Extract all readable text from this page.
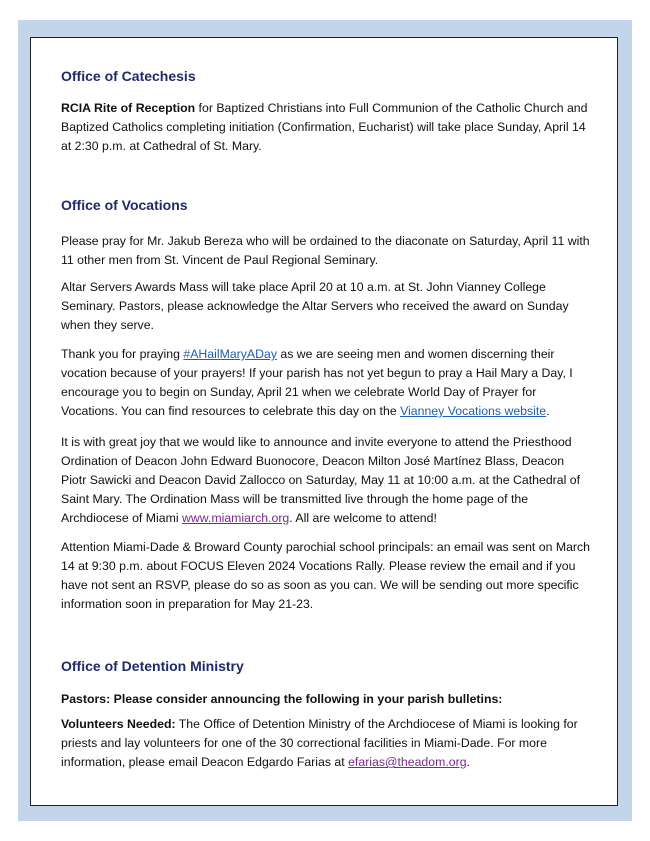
Office of Catechesis

RCIA Rite of Reception for Baptized Christians into Full Communion of the Catholic Church and Baptized Catholics completing initiation (Confirmation, Eucharist) will take place Sunday, April 14 at 2:30 p.m. at Cathedral of St. Mary.

Office of Vocations

Please pray for Mr. Jakub Bereza who will be ordained to the diaconate on Saturday, April 11 with 11 other men from St. Vincent de Paul Regional Seminary.

Altar Servers Awards Mass will take place April 20 at 10 a.m. at St. John Vianney College Seminary. Pastors, please acknowledge the Altar Servers who received the award on Sunday when they serve.

Thank you for praying #AHailMaryADay as we are seeing men and women discerning their vocation because of your prayers! If your parish has not yet begun to pray a Hail Mary a Day, I encourage you to begin on Sunday, April 21 when we celebrate World Day of Prayer for Vocations. You can find resources to celebrate this day on the Vianney Vocations website.

It is with great joy that we would like to announce and invite everyone to attend the Priesthood Ordination of Deacon John Edward Buonocore, Deacon Milton José Martínez Blass, Deacon Piotr Sawicki and Deacon David Zallocco on Saturday, May 11 at 10:00 a.m. at the Cathedral of Saint Mary. The Ordination Mass will be transmitted live through the home page of the Archdiocese of Miami www.miamiarch.org. All are welcome to attend!

Attention Miami-Dade & Broward County parochial school principals: an email was sent on March 14 at 9:30 p.m. about FOCUS Eleven 2024 Vocations Rally. Please review the email and if you have not sent an RSVP, please do so as soon as you can. We will be sending out more specific information soon in preparation for May 21-23.

Office of Detention Ministry

Pastors: Please consider announcing the following in your parish bulletins:

Volunteers Needed: The Office of Detention Ministry of the Archdiocese of Miami is looking for priests and lay volunteers for one of the 30 correctional facilities in Miami-Dade. For more information, please email Deacon Edgardo Farias at efarias@theadom.org.
